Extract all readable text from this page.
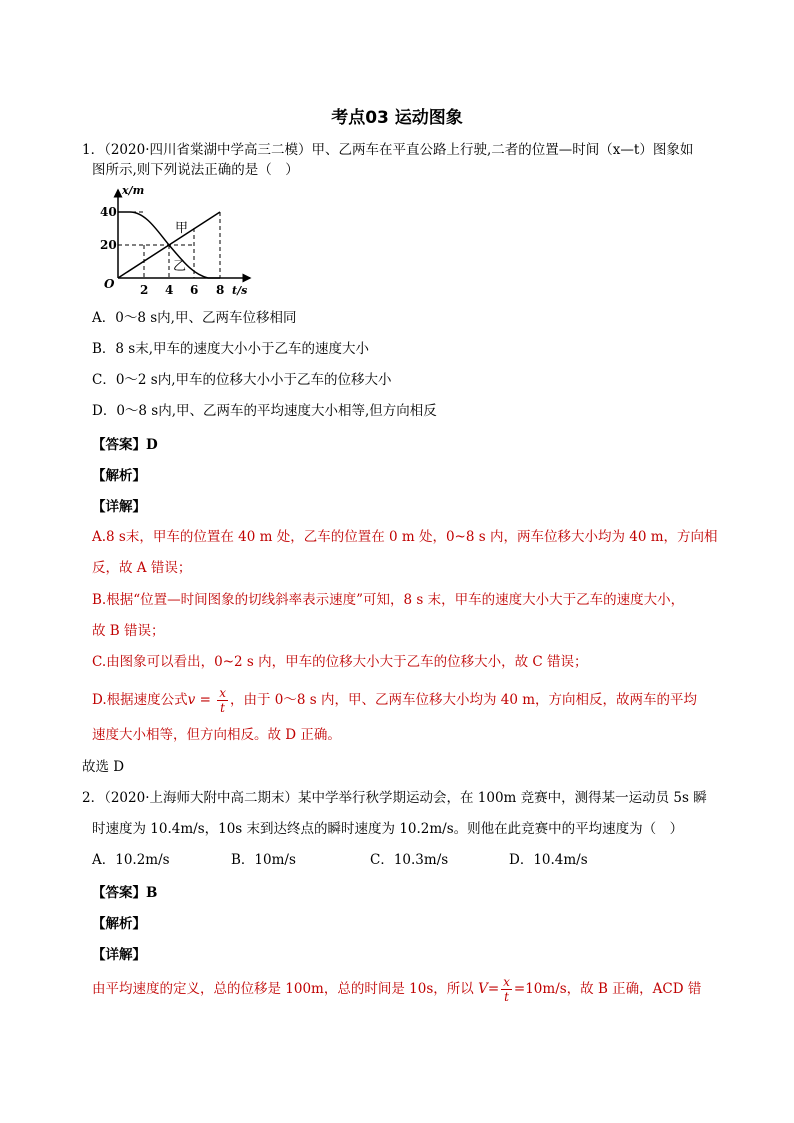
考点03 运动图象
1．（2020·四川省棠湖中学高三二模）甲、乙两车在平直公路上行驶,二者的位置—时间（x—t）图象如
图所示,则下列说法正确的是（　）
x/m
t/s
O
40
20
2 4 6 8
甲
乙
A．0～8 s内,甲、乙两车位移相同
B．8 s末,甲车的速度大小小于乙车的速度大小
C．0～2 s内,甲车的位移大小小于乙车的位移大小
D．0～8 s内,甲、乙两车的平均速度大小相等,但方向相反
【答案】D
【解析】
【详解】
A.8 s末，甲车的位置在 40 m 处，乙车的位置在 0 m 处，0~8 s 内，两车位移大小均为 40 m，方向相
反，故 A 错误；
B.根据“位置—时间图象的切线斜率表示速度”可知，8 s 末，甲车的速度大小大于乙车的速度大小，
故 B 错误；
C.由图象可以看出，0~2 s 内，甲车的位移大小大于乙车的位移大小，故 C 错误；
D.根据速度公式$v = \frac{x}{t}$ ，由于 0～8 s 内，甲、乙两车位移大小均为 40 m，方向相反，故两车的平均
速度大小相等，但方向相反。故 D 正确。
故选 D
2．（2020·上海师大附中高二期末）某中学举行秋学期运动会，在 100m 竞赛中，测得某一运动员 5s 瞬
时速度为 10.4m/s，10s 末到达终点的瞬时速度为 10.2m/s。则他在此竞赛中的平均速度为（　）
A．10.2m/s	B．10m/s	C．10.3m/s	D．10.4m/s
【答案】B
【解析】
【详解】
由平均速度的定义，总的位移是 100m，总的时间是 10s，所以 $V= \frac{x}{t} =10m/s$，故 B 正确，ACD 错
